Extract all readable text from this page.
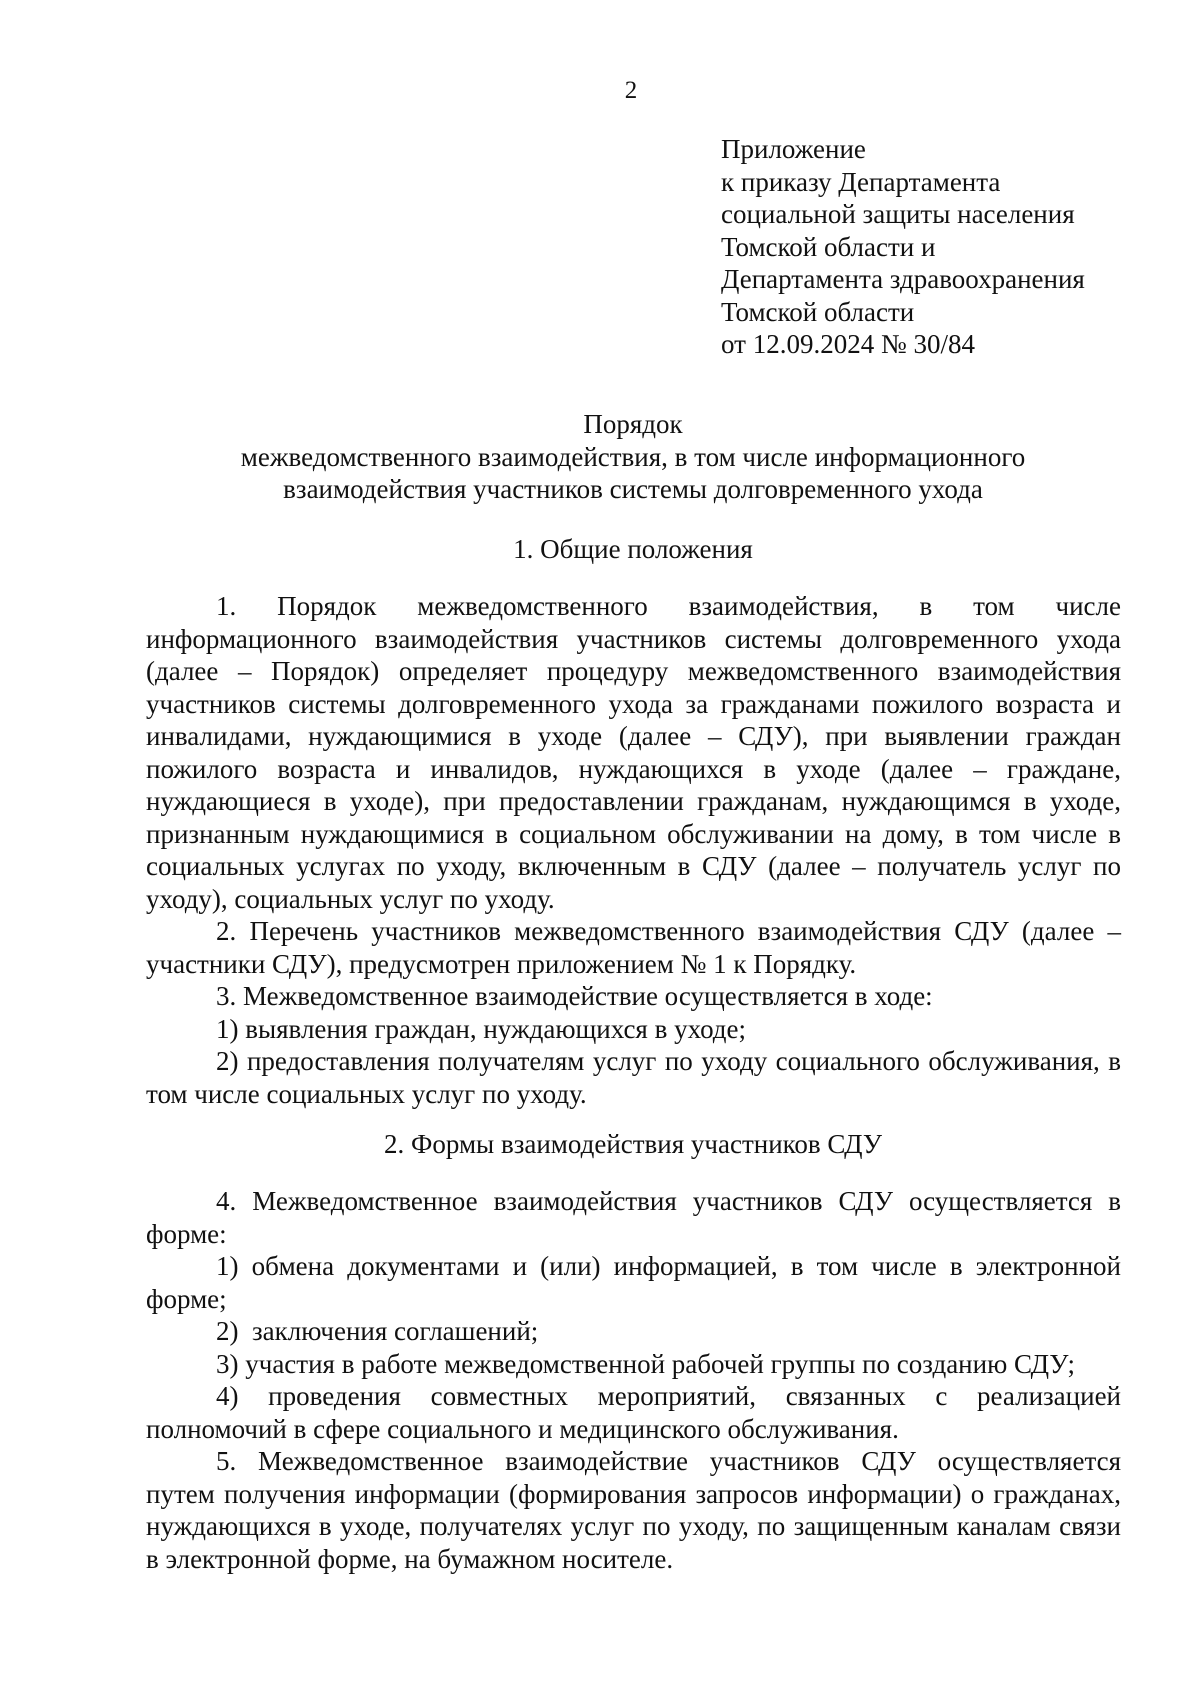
2
Приложение
к приказу Департамента
социальной защиты населения
Томской области и
Департамента здравоохранения
Томской области
от 12.09.2024 № 30/84
Порядок
межведомственного взаимодействия, в том числе информационного
взаимодействия участников системы долговременного ухода
1. Общие положения

1. Порядок межведомственного взаимодействия, в том числе информационного взаимодействия участников системы долговременного ухода (далее – Порядок) определяет процедуру межведомственного взаимодействия участников системы долговременного ухода за гражданами пожилого возраста и инвалидами, нуждающимися в уходе (далее – СДУ), при выявлении граждан пожилого возраста и инвалидов, нуждающихся в уходе (далее – граждане, нуждающиеся в уходе), при предоставлении гражданам, нуждающимся в уходе, признанным нуждающимися в социальном обслуживании на дому, в том числе в социальных услугах по уходу, включенным в СДУ (далее – получатель услуг по уходу), социальных услуг по уходу.

2. Перечень участников межведомственного взаимодействия СДУ (далее – участники СДУ), предусмотрен приложением № 1 к Порядку.

3. Межведомственное взаимодействие осуществляется в ходе:

1) выявления граждан, нуждающихся в уходе;

2) предоставления получателям услуг по уходу социального обслуживания, в том числе социальных услуг по уходу.

2. Формы взаимодействия участников СДУ

4. Межведомственное взаимодействия участников СДУ осуществляется в форме:

1) обмена документами и (или) информацией, в том числе в электронной форме;

2)  заключения соглашений;

3) участия в работе межведомственной рабочей группы по созданию СДУ;

4) проведения совместных мероприятий, связанных с реализацией полномочий в сфере социального и медицинского обслуживания.

5. Межведомственное взаимодействие участников СДУ осуществляется путем получения информации (формирования запросов информации) о гражданах, нуждающихся в уходе, получателях услуг по уходу, по защищенным каналам связи в электронной форме, на бумажном носителе.
